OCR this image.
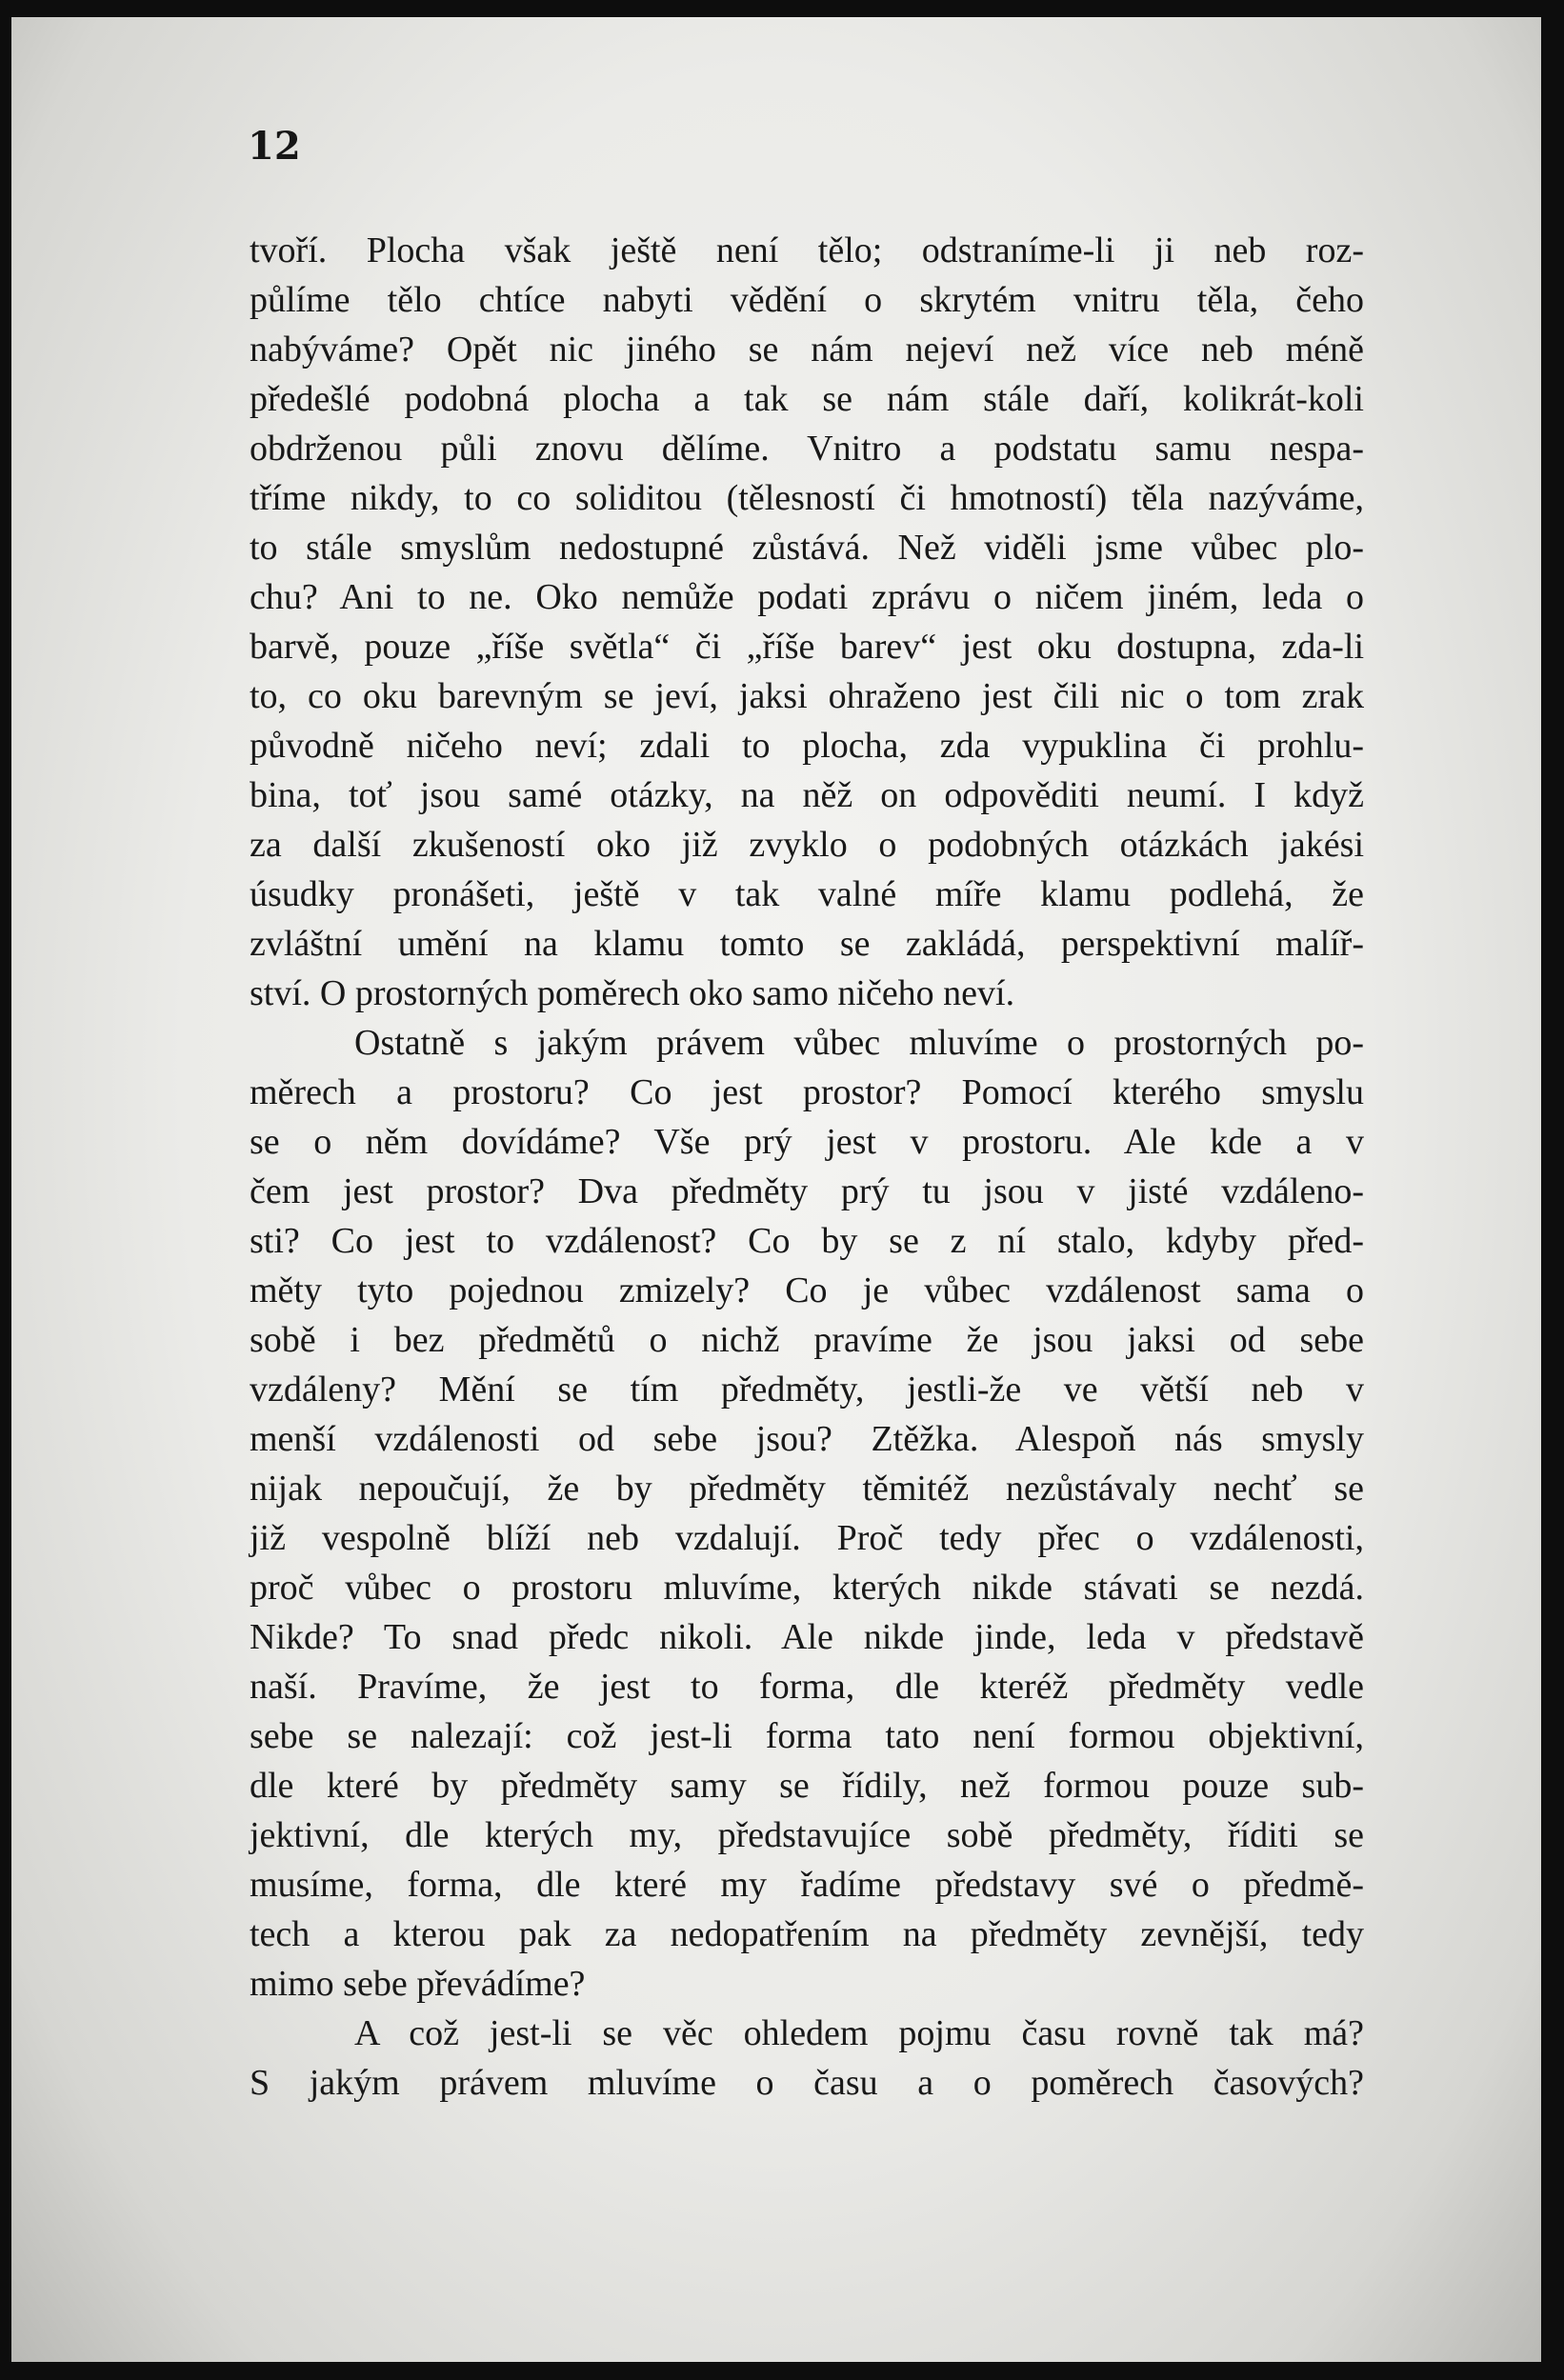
12

tvoří. Plocha však ještě není tělo; odstraníme-li ji neb roz-
půlíme tělo chtíce nabyti vědění o skrytém vnitru těla, čeho
nabýváme? Opět nic jiného se nám nejeví než více neb méně
předešlé podobná plocha a tak se nám stále daří, kolikrát-koli
obdrženou půli znovu dělíme. Vnitro a podstatu samu nespa-
tříme nikdy, to co soliditou (tělesností či hmotností) těla nazýváme,
to stále smyslům nedostupné zůstává. Než viděli jsme vůbec plo-
chu? Ani to ne. Oko nemůže podati zprávu o ničem jiném, leda o
barvě, pouze „říše světla“ či „říše barev“ jest oku dostupna, zda-li
to, co oku barevným se jeví, jaksi ohraženo jest čili nic o tom zrak
původně ničeho neví; zdali to plocha, zda vypuklina či prohlu-
bina, toť jsou samé otázky, na něž on odpověditi neumí. I když
za další zkušeností oko již zvyklo o podobných otázkách jakési
úsudky pronášeti, ještě v tak valné míře klamu podlehá, že
zvláštní umění na klamu tomto se zakládá, perspektivní malíř-
ství. O prostorných poměrech oko samo ničeho neví.
Ostatně s jakým právem vůbec mluvíme o prostorných po-
měrech a prostoru? Co jest prostor? Pomocí kterého smyslu
se o něm dovídáme? Vše prý jest v prostoru. Ale kde a v
čem jest prostor? Dva předměty prý tu jsou v jisté vzdáleno-
sti? Co jest to vzdálenost? Co by se z ní stalo, kdyby před-
měty tyto pojednou zmizely? Co je vůbec vzdálenost sama o
sobě i bez předmětů o nichž pravíme že jsou jaksi od sebe
vzdáleny? Mění se tím předměty, jestli-že ve větší neb v
menší vzdálenosti od sebe jsou? Ztěžka. Alespoň nás smysly
nijak nepoučují, že by předměty těmitéž nezůstávaly nechť se
již vespolně blíží neb vzdalují. Proč tedy přec o vzdálenosti,
proč vůbec o prostoru mluvíme, kterých nikde stávati se nezdá.
Nikde? To snad předc nikoli. Ale nikde jinde, leda v představě
naší. Pravíme, že jest to forma, dle kteréž předměty vedle
sebe se nalezají: což jest-li forma tato není formou objektivní,
dle které by předměty samy se řídily, než formou pouze sub-
jektivní, dle kterých my, představujíce sobě předměty, říditi se
musíme, forma, dle které my řadíme představy své o předmě-
tech a kterou pak za nedopatřením na předměty zevnější, tedy
mimo sebe převádíme?
A což jest-li se věc ohledem pojmu času rovně tak má?
S jakým právem mluvíme o času a o poměrech časových?
